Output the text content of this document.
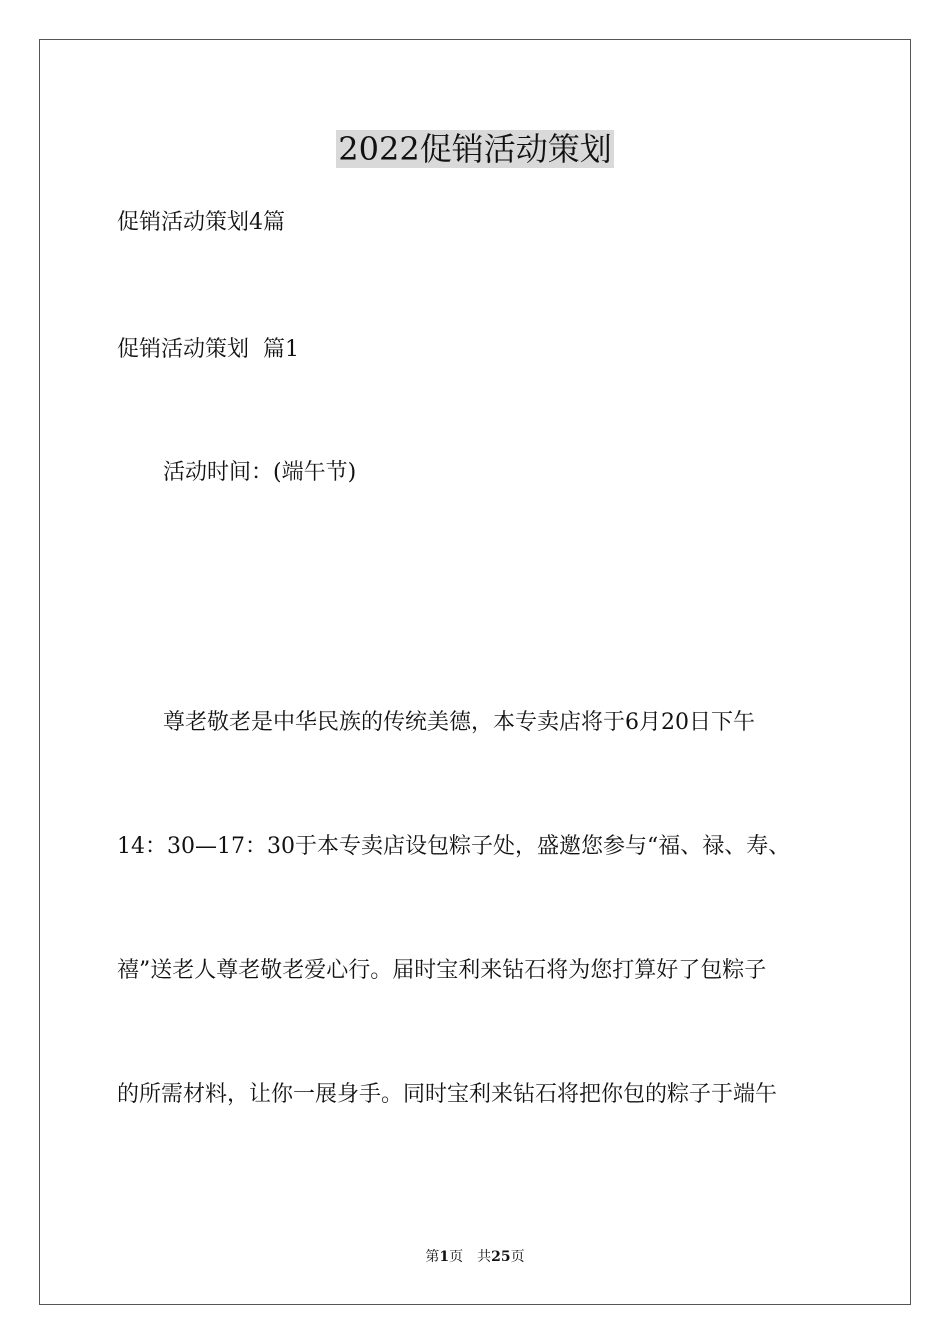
2022促销活动策划

促销活动策划4篇

促销活动策划  篇1

活动时间：(端午节)

尊老敬老是中华民族的传统美德，本专卖店将于6月20日下午

14：30—17：30于本专卖店设包粽子处，盛邀您参与“福、禄、寿、

禧”送老人尊老敬老爱心行。届时宝利来钻石将为您打算好了包粽子

的所需材料，让你一展身手。同时宝利来钻石将把你包的粽子于端午

第1页 共25页
